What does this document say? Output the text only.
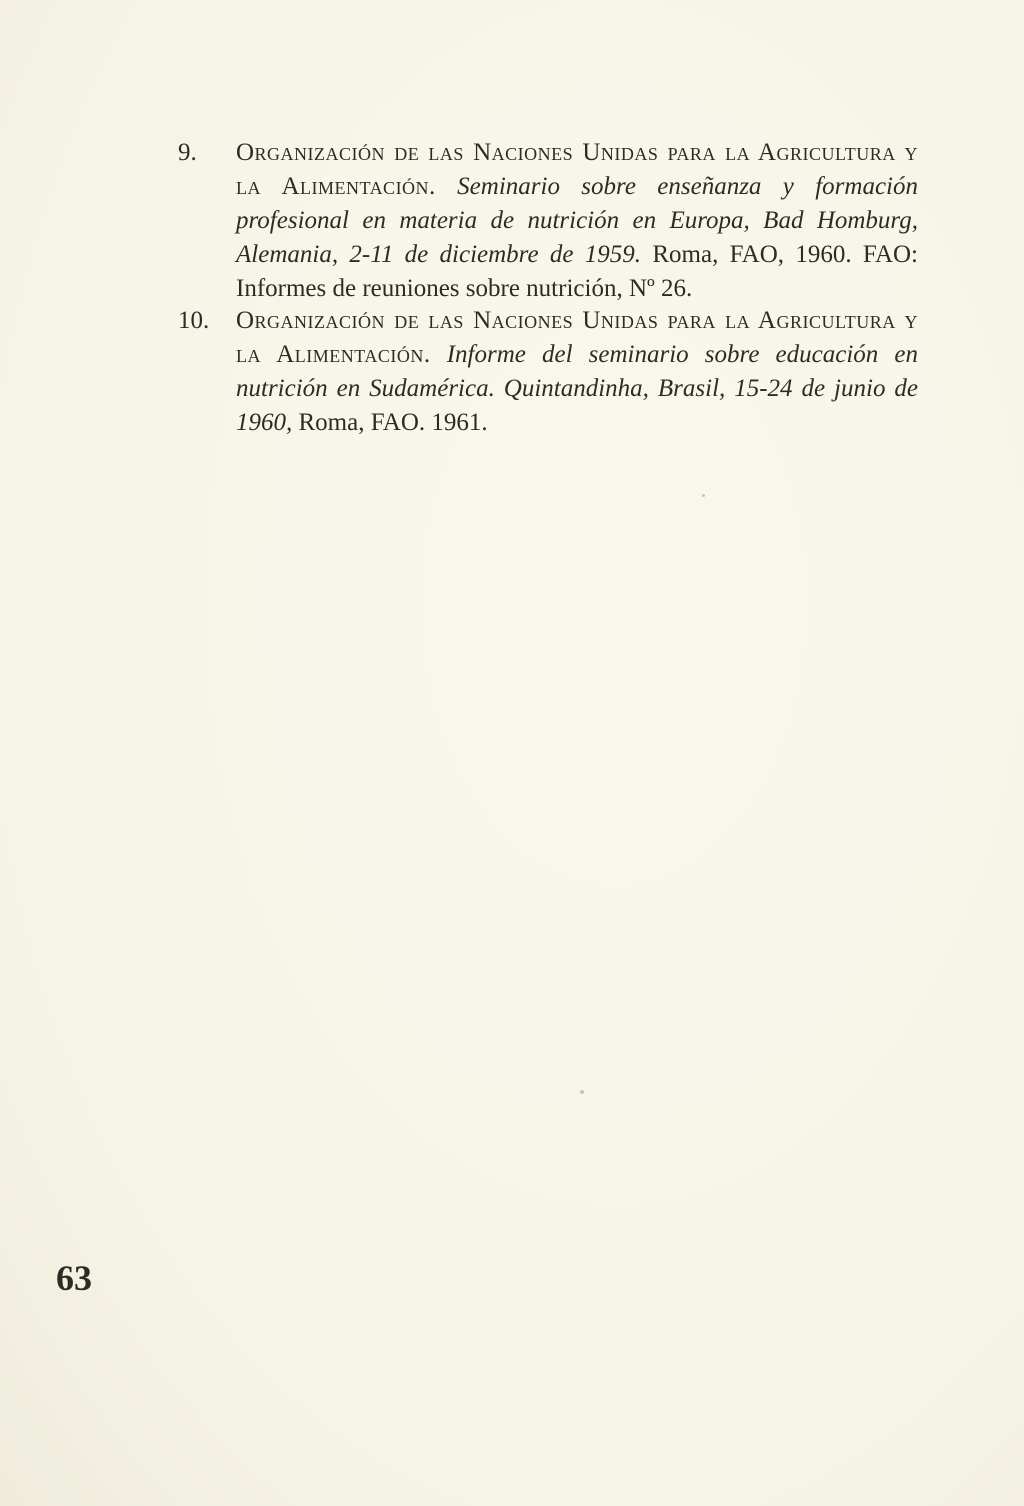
9.	Organización de las Naciones Unidas para la Agricultura y la Alimentación. Seminario sobre enseñanza y formación profesional en materia de nutrición en Europa, Bad Homburg, Alemania, 2-11 de diciembre de 1959. Roma, FAO, 1960. FAO: Informes de reuniones sobre nutrición, Nº 26.
10.	Organización de las Naciones Unidas para la Agricultura y la Alimentación. Informe del seminario sobre educación en nutrición en Sudamérica. Quintandinha, Brasil, 15-24 de junio de 1960, Roma, FAO. 1961.
63
